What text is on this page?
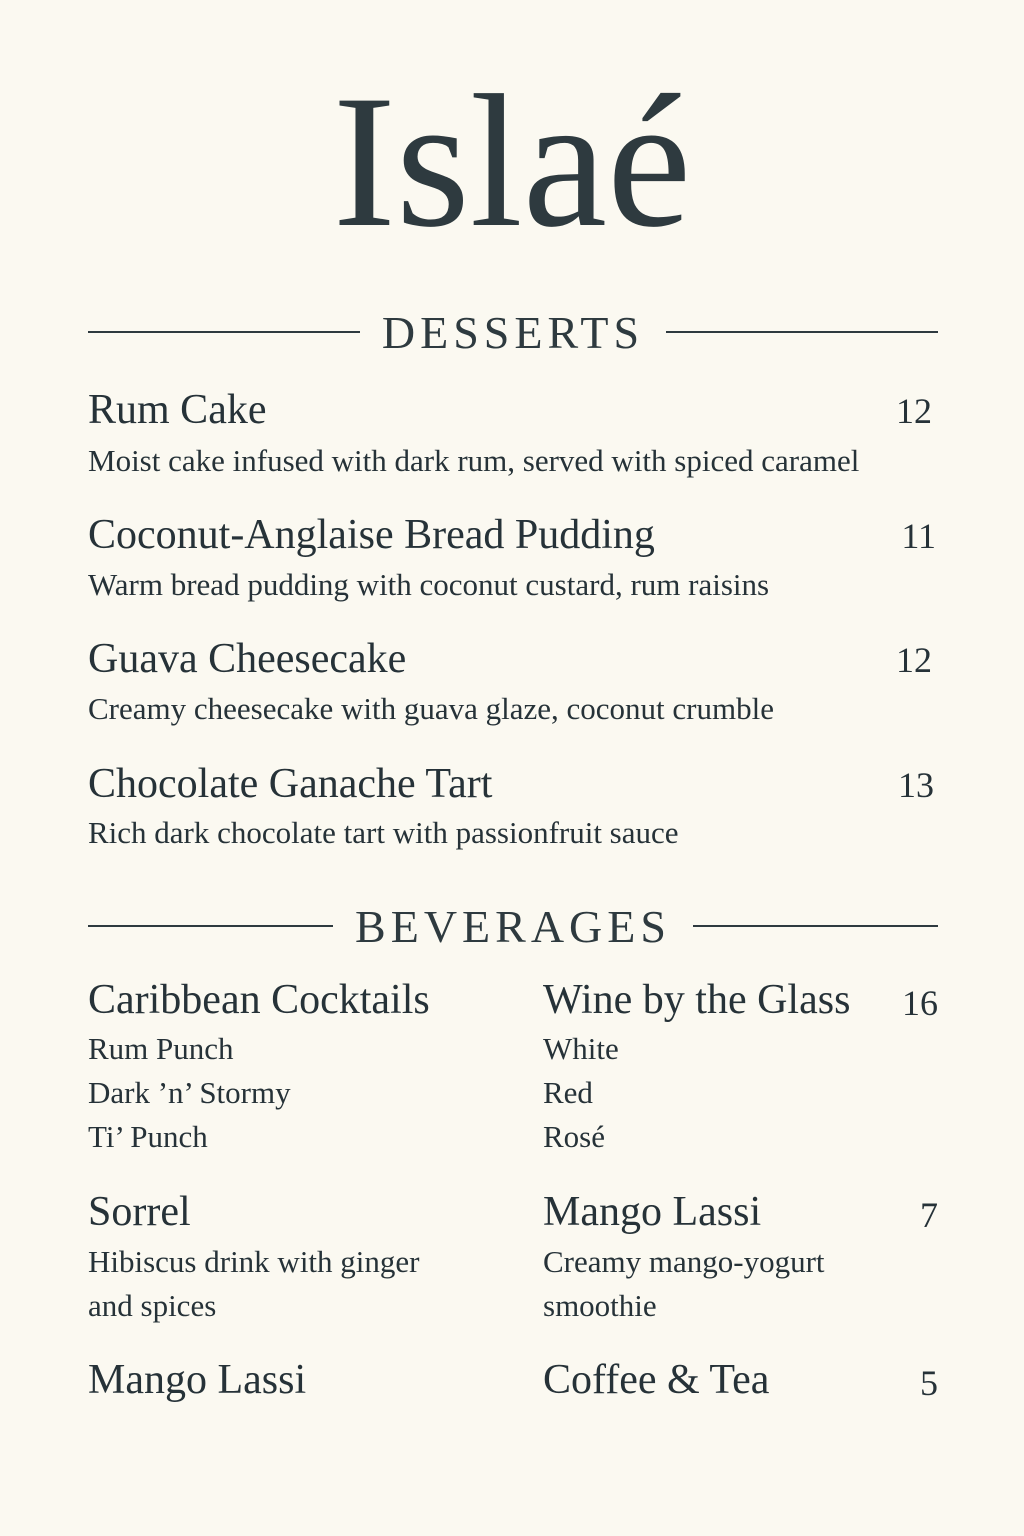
Islaé
DESSERTS
Rum Cake	12
Moist cake infused with dark rum, served with spiced caramel
Coconut-Anglaise Bread Pudding	11
Warm bread pudding with coconut custard, rum raisins
Guava Cheesecake	12
Creamy cheesecake with guava glaze, coconut crumble
Chocolate Ganache Tart	13
Rich dark chocolate tart with passionfruit sauce
BEVERAGES
Caribbean Cocktails
Rum Punch
Dark ’n’ Stormy
Ti’ Punch
Sorrel
Hibiscus drink with ginger
and spices
Mango Lassi
Wine by the Glass	16
White
Red
Rosé
Mango Lassi	7
Creamy mango-yogurt
smoothie
Coffee & Tea	5
